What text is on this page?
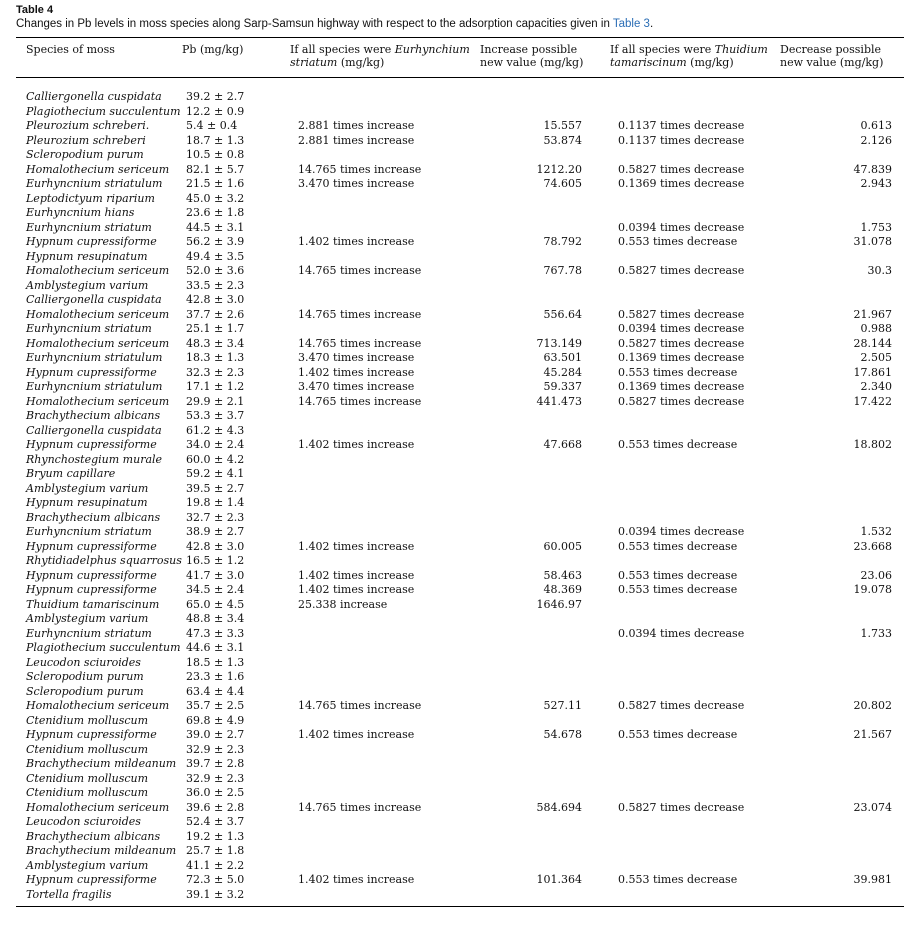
Table 4
Changes in Pb levels in moss species along Sarp-Samsun highway with respect to the adsorption capacities given in Table 3.
Species of moss	Pb (mg/kg)	If all species were Eurhynchium striatum (mg/kg)	Increase possible new value (mg/kg)	If all species were Thuidium tamariscinum (mg/kg)	Decrease possible new value (mg/kg)
Calliergonella cuspidata	39.2 ± 2.7				
Plagiothecium succulentum	12.2 ± 0.9				
Pleurozium schreberi.	5.4 ± 0.4	2.881 times increase	15.557	0.1137 times decrease	0.613
Pleurozium schreberi	18.7 ± 1.3	2.881 times increase	53.874	0.1137 times decrease	2.126
Scleropodium purum	10.5 ± 0.8				
Homalothecium sericeum	82.1 ± 5.7	14.765 times increase	1212.20	0.5827 times decrease	47.839
Eurhyncnium striatulum	21.5 ± 1.6	3.470 times increase	74.605	0.1369 times decrease	2.943
Leptodictyum riparium	45.0 ± 3.2				
Eurhyncnium hians	23.6 ± 1.8				
Eurhyncnium striatum	44.5 ± 3.1			0.0394 times decrease	1.753
Hypnum cupressiforme	56.2 ± 3.9	1.402 times increase	78.792	0.553 times decrease	31.078
Hypnum resupinatum	49.4 ± 3.5				
Homalothecium sericeum	52.0 ± 3.6	14.765 times increase	767.78	0.5827 times decrease	30.3
Amblystegium varium	33.5 ± 2.3				
Calliergonella cuspidata	42.8 ± 3.0				
Homalothecium sericeum	37.7 ± 2.6	14.765 times increase	556.64	0.5827 times decrease	21.967
Eurhyncnium striatum	25.1 ± 1.7			0.0394 times decrease	0.988
Homalothecium sericeum	48.3 ± 3.4	14.765 times increase	713.149	0.5827 times decrease	28.144
Eurhyncnium striatulum	18.3 ± 1.3	3.470 times increase	63.501	0.1369 times decrease	2.505
Hypnum cupressiforme	32.3 ± 2.3	1.402 times increase	45.284	0.553 times decrease	17.861
Eurhyncnium striatulum	17.1 ± 1.2	3.470 times increase	59.337	0.1369 times decrease	2.340
Homalothecium sericeum	29.9 ± 2.1	14.765 times increase	441.473	0.5827 times decrease	17.422
Brachythecium albicans	53.3 ± 3.7				
Calliergonella cuspidata	61.2 ± 4.3				
Hypnum cupressiforme	34.0 ± 2.4	1.402 times increase	47.668	0.553 times decrease	18.802
Rhynchostegium murale	60.0 ± 4.2				
Bryum capillare	59.2 ± 4.1				
Amblystegium varium	39.5 ± 2.7				
Hypnum resupinatum	19.8 ± 1.4				
Brachythecium albicans	32.7 ± 2.3				
Eurhyncnium striatum	38.9 ± 2.7			0.0394 times decrease	1.532
Hypnum cupressiforme	42.8 ± 3.0	1.402 times increase	60.005	0.553 times decrease	23.668
Rhytidiadelphus squarrosus	16.5 ± 1.2				
Hypnum cupressiforme	41.7 ± 3.0	1.402 times increase	58.463	0.553 times decrease	23.06
Hypnum cupressiforme	34.5 ± 2.4	1.402 times increase	48.369	0.553 times decrease	19.078
Thuidium tamariscinum	65.0 ± 4.5	25.338 increase	1646.97		
Amblystegium varium	48.8 ± 3.4				
Eurhyncnium striatum	47.3 ± 3.3			0.0394 times decrease	1.733
Plagiothecium succulentum	44.6 ± 3.1				
Leucodon sciuroides	18.5 ± 1.3				
Scleropodium purum	23.3 ± 1.6				
Scleropodium purum	63.4 ± 4.4				
Homalothecium sericeum	35.7 ± 2.5	14.765 times increase	527.11	0.5827 times decrease	20.802
Ctenidium molluscum	69.8 ± 4.9				
Hypnum cupressiforme	39.0 ± 2.7	1.402 times increase	54.678	0.553 times decrease	21.567
Ctenidium molluscum	32.9 ± 2.3				
Brachythecium mildeanum	39.7 ± 2.8				
Ctenidium molluscum	32.9 ± 2.3				
Ctenidium molluscum	36.0 ± 2.5				
Homalothecium sericeum	39.6 ± 2.8	14.765 times increase	584.694	0.5827 times decrease	23.074
Leucodon sciuroides	52.4 ± 3.7				
Brachythecium albicans	19.2 ± 1.3				
Brachythecium mildeanum	25.7 ± 1.8				
Amblystegium varium	41.1 ± 2.2				
Hypnum cupressiforme	72.3 ± 5.0	1.402 times increase	101.364	0.553 times decrease	39.981
Tortella fragilis	39.1 ± 3.2				
